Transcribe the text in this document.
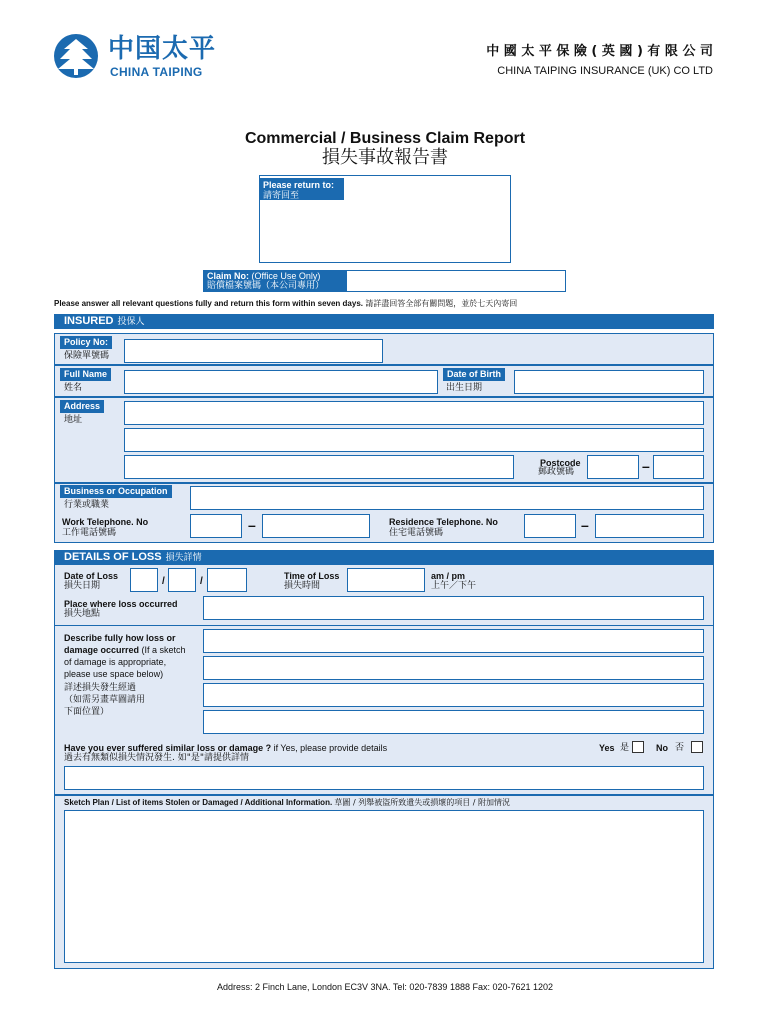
中国太平
CHINA TAIPING
中 國 太 平 保 險 ( 英 國 ) 有 限 公 司
CHINA TAIPING INSURANCE (UK) CO LTD
Commercial / Business Claim Report
損失事故報告書
Please return to:
請寄回至
Claim No: (Office Use Only)
賠償檔案號碼（本公司專用）
Please answer all relevant questions fully and return this form within seven days. 請詳盡回答全部有關問題，並於七天內寄回
INSURED 投保人
Policy No:
保險單號碼
Full Name
姓名
Date of Birth
出生日期
Address
地址
Postcode
郵政號碼	–
Business or Occupation
行業或職業
Work Telephone. No
工作電話號碼	–	Residence Telephone. No
住宅電話號碼	–
DETAILS OF LOSS 損失詳情
Date of Loss
損失日期	/	/	Time of Loss
損失時間
am / pm
上午／下午
Place where loss occurred
損失地點
Describe fully how loss or
damage occurred (If a sketch
of damage is appropriate,
please use space below)
詳述損失發生經過
（如需另畫草圖請用
下面位置）
Have you ever suffered similar loss or damage ? if Yes, please provide details
過去有無類似損失情況發生. 如"是"請提供詳情
Yes 是	No 否
Sketch Plan / List of items Stolen or Damaged / Additional Information. 草圖 / 列舉被盜所致遺失或損壞的項目 / 附加情況
Address: 2 Finch Lane, London EC3V 3NA. Tel: 020-7839 1888 Fax: 020-7621 1202
